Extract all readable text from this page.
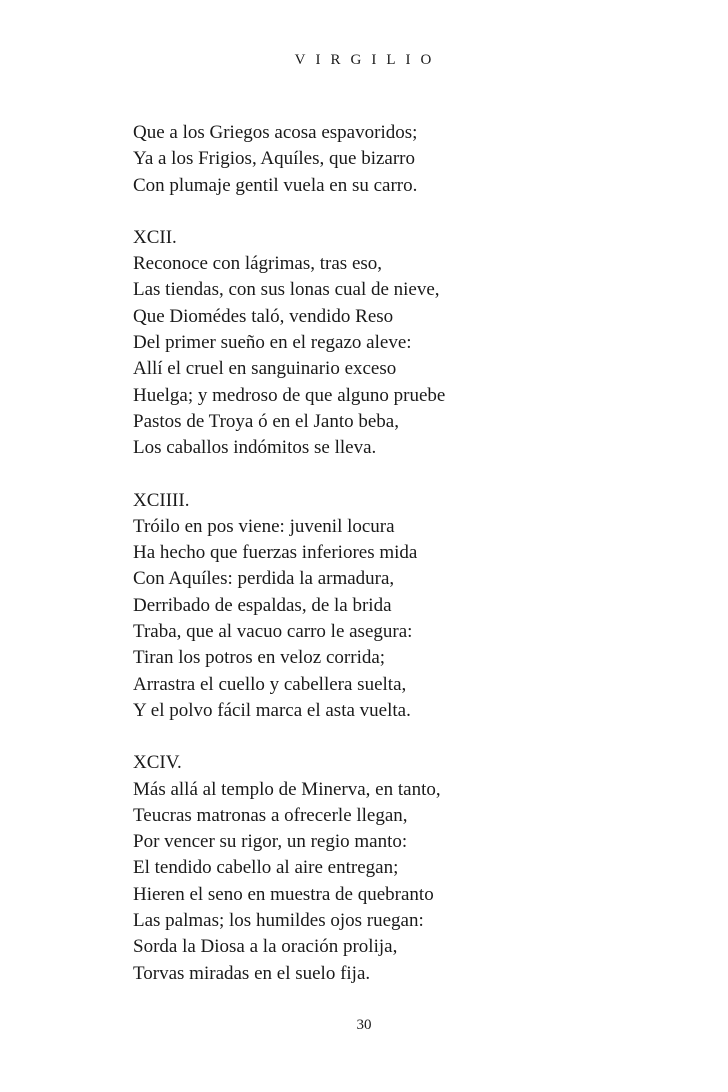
VIRGILIO
Que a los Griegos acosa espavoridos;
Ya a los Frigios, Aquíles, que bizarro
Con plumaje gentil vuela en su carro.
XCII.
Reconoce con lágrimas, tras eso,
Las tiendas, con sus lonas cual de nieve,
Que Diomédes taló, vendido Reso
Del primer sueño en el regazo aleve:
Allí el cruel en sanguinario exceso
Huelga; y medroso de que alguno pruebe
Pastos de Troya ó en el Janto beba,
Los caballos indómitos se lleva.
XCIIII.
Tróilo en pos viene: juvenil locura
Ha hecho que fuerzas inferiores mida
Con Aquíles: perdida la armadura,
Derribado de espaldas, de la brida
Traba, que al vacuo carro le asegura:
Tiran los potros en veloz corrida;
Arrastra el cuello y cabellera suelta,
Y el polvo fácil marca el asta vuelta.
XCIV.
Más allá al templo de Minerva, en tanto,
Teucras matronas a ofrecerle llegan,
Por vencer su rigor, un regio manto:
El tendido cabello al aire entregan;
Hieren el seno en muestra de quebranto
Las palmas; los humildes ojos ruegan:
Sorda la Diosa a la oración prolija,
Torvas miradas en el suelo fija.
30
